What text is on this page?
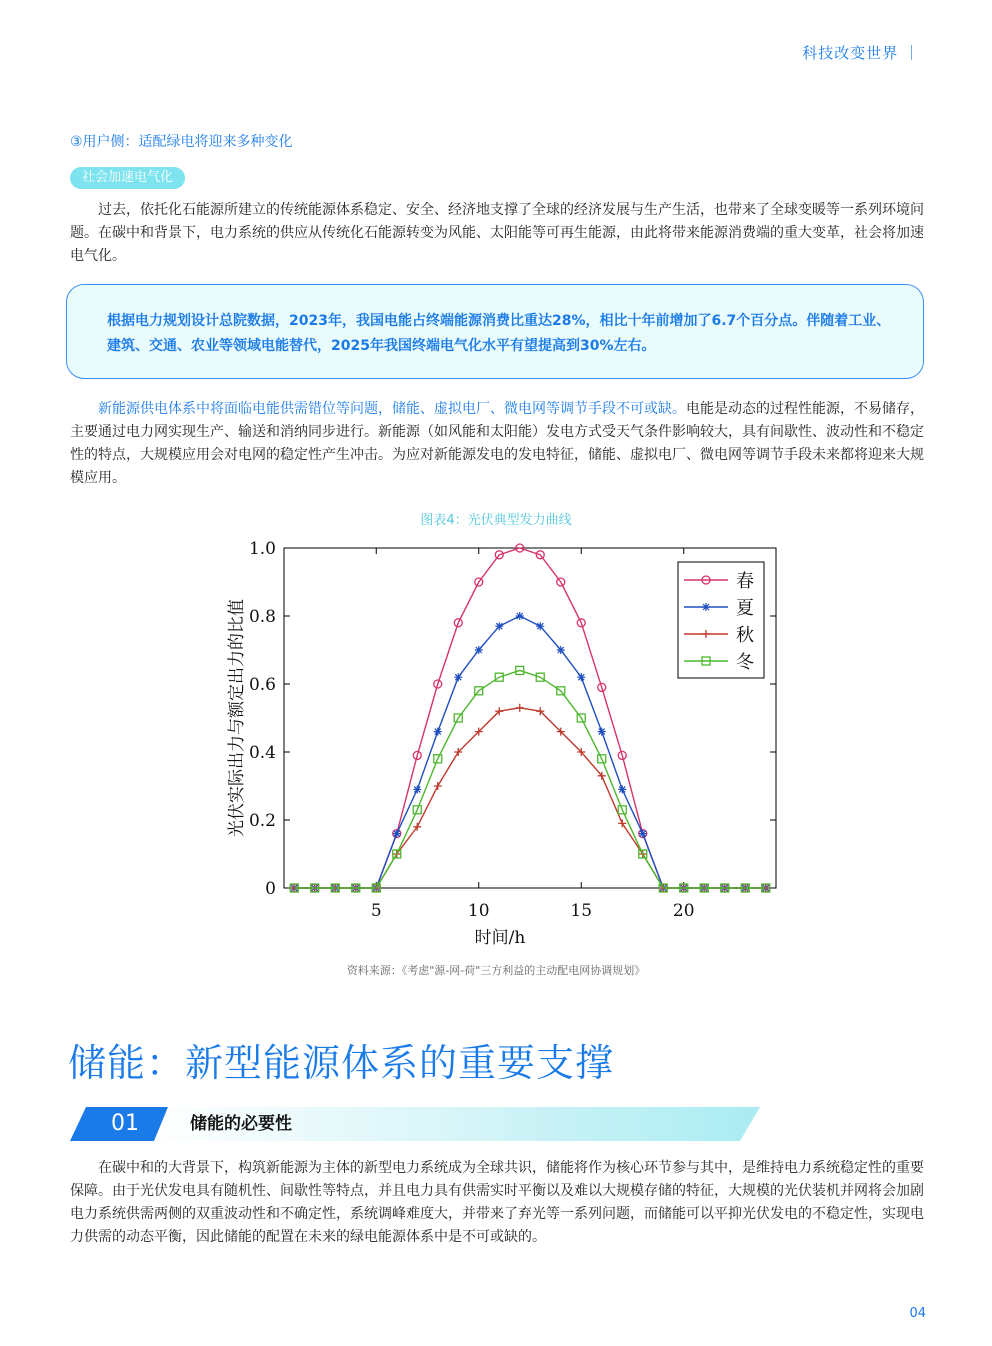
科技改变世界 ｜
③用户侧：适配绿电将迎来多种变化
社会加速电气化

过去，依托化石能源所建立的传统能源体系稳定、安全、经济地支撑了全球的经济发展与生产生活，也带来了全球变暖等一系列环境问题。在碳中和背景下，电力系统的供应从传统化石能源转变为风能、太阳能等可再生能源，由此将带来能源消费端的重大变革，社会将加速电气化。

根据电力规划设计总院数据，2023年，我国电能占终端能源消费比重达28%，相比十年前增加了6.7个百分点。伴随着工业、建筑、交通、农业等领域电能替代，2025年我国终端电气化水平有望提高到30%左右。

新能源供电体系中将面临电能供需错位等问题，储能、虚拟电厂、微电网等调节手段不可或缺。电能是动态的过程性能源，不易储存，主要通过电力网实现生产、输送和消纳同步进行。新能源（如风能和太阳能）发电方式受天气条件影响较大，具有间歇性、波动性和不稳定性的特点，大规模应用会对电网的稳定性产生冲击。为应对新能源发电的发电特征，储能、虚拟电厂、微电网等调节手段未来都将迎来大规模应用。

图表4：光伏典型发力曲线
5	10	15	20
0
0.2
0.4
0.6
0.8
1.0
时间/h
光伏实际出力与额定出力的比值
春
夏
秋
冬
资料来源：《考虑"源-网-荷"三方利益的主动配电网协调规划》
储能：新型能源体系的重要支撑
01	储能的必要性

在碳中和的大背景下，构筑新能源为主体的新型电力系统成为全球共识，储能将作为核心环节参与其中，是维持电力系统稳定性的重要保障。由于光伏发电具有随机性、间歇性等特点，并且电力具有供需实时平衡以及难以大规模存储的特征，大规模的光伏装机并网将会加剧电力系统供需两侧的双重波动性和不确定性，系统调峰难度大，并带来了弃光等一系列问题，而储能可以平抑光伏发电的不稳定性，实现电力供需的动态平衡，因此储能的配置在未来的绿电能源体系中是不可或缺的。

04
